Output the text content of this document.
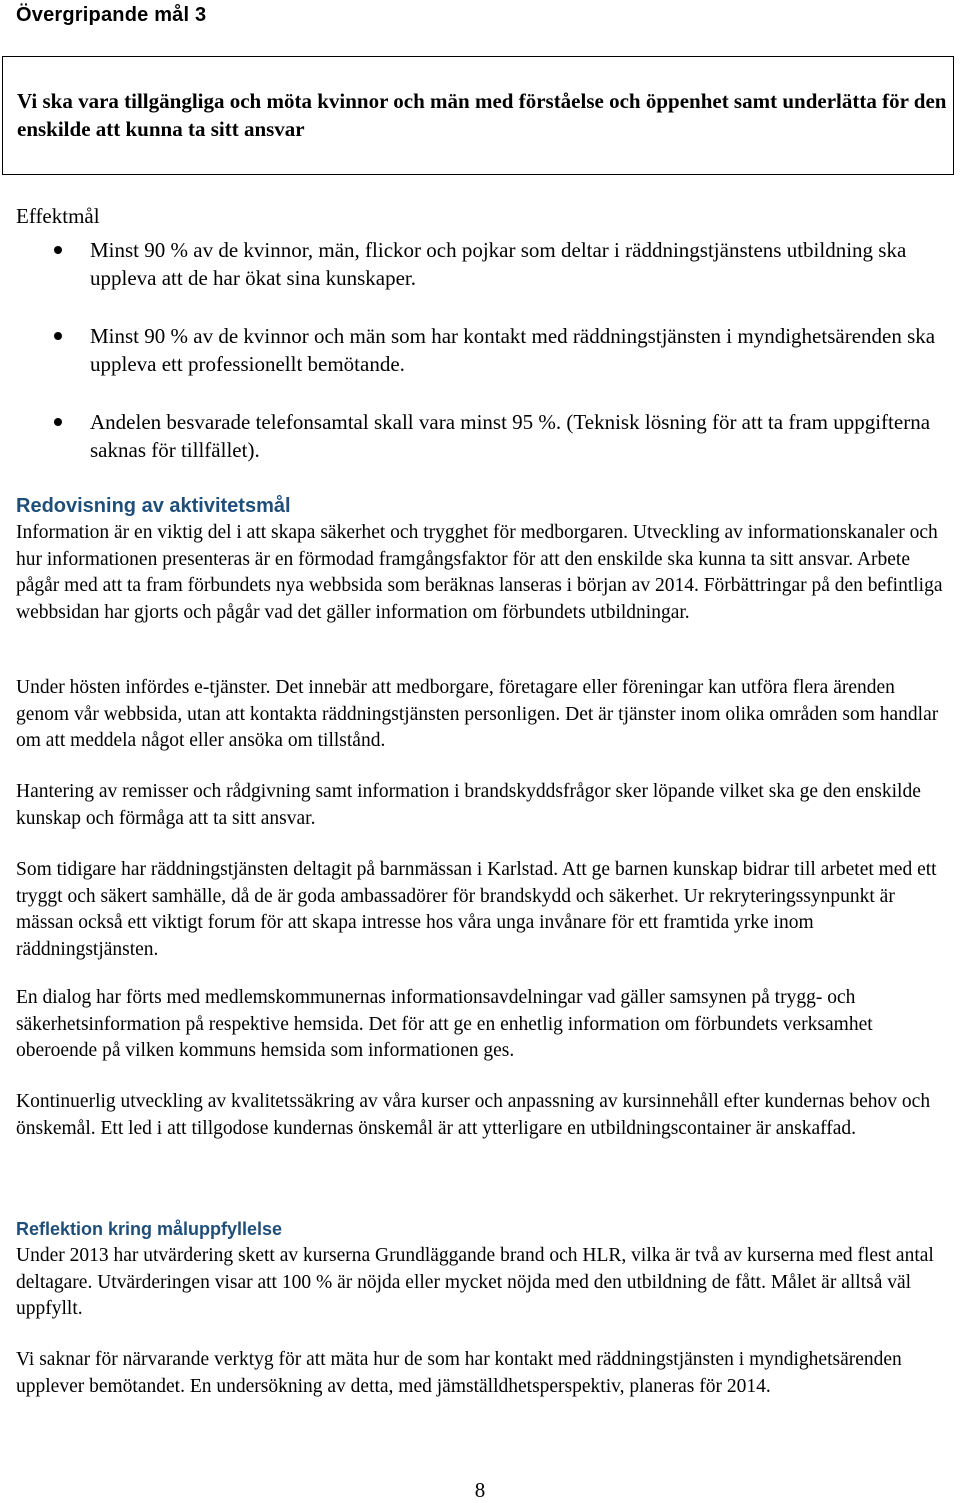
Övergripande mål 3
Vi ska vara tillgängliga och möta kvinnor och män med förståelse och öppenhet samt underlätta för den enskilde att kunna ta sitt ansvar
Effektmål
Minst 90 % av de kvinnor, män, flickor och pojkar som deltar i räddningstjänstens utbildning ska uppleva att de har ökat sina kunskaper.
Minst 90 % av de kvinnor och män som har kontakt med räddningstjänsten i myndighetsärenden ska uppleva ett professionellt bemötande.
Andelen besvarade telefonsamtal skall vara minst 95 %. (Teknisk lösning för att ta fram uppgifterna saknas för tillfället).
Redovisning av aktivitetsmål
Information är en viktig del i att skapa säkerhet och trygghet för medborgaren. Utveckling av informationskanaler och hur informationen presenteras är en förmodad framgångsfaktor för att den enskilde ska kunna ta sitt ansvar. Arbete pågår med att ta fram förbundets nya webbsida som beräknas lanseras i början av 2014. Förbättringar på den befintliga webbsidan har gjorts och pågår vad det gäller information om förbundets utbildningar.
Under hösten infördes e-tjänster. Det innebär att medborgare, företagare eller föreningar kan utföra flera ärenden genom vår webbsida, utan att kontakta räddningstjänsten personligen. Det är tjänster inom olika områden som handlar om att meddela något eller ansöka om tillstånd.
Hantering av remisser och rådgivning samt information i brandskyddsfrågor sker löpande vilket ska ge den enskilde kunskap och förmåga att ta sitt ansvar.
Som tidigare har räddningstjänsten deltagit på barnmässan i Karlstad. Att ge barnen kunskap bidrar till arbetet med ett tryggt och säkert samhälle, då de är goda ambassadörer för brandskydd och säkerhet. Ur rekryteringssynpunkt är mässan också ett viktigt forum för att skapa intresse hos våra unga invånare för ett framtida yrke inom räddningstjänsten.
En dialog har förts med medlemskommunernas informationsavdelningar vad gäller samsynen på trygg- och säkerhetsinformation på respektive hemsida. Det för att ge en enhetlig information om förbundets verksamhet oberoende på vilken kommuns hemsida som informationen ges.
Kontinuerlig utveckling av kvalitetssäkring av våra kurser och anpassning av kursinnehåll efter kundernas behov och önskemål. Ett led i att tillgodose kundernas önskemål är att ytterligare en utbildningscontainer är anskaffad.
Reflektion kring måluppfyllelse
Under 2013 har utvärdering skett av kurserna Grundläggande brand och HLR, vilka är två av kurserna med flest antal deltagare. Utvärderingen visar att 100 % är nöjda eller mycket nöjda med den utbildning de fått. Målet är alltså väl uppfyllt.
Vi saknar för närvarande verktyg för att mäta hur de som har kontakt med räddningstjänsten i myndighetsärenden upplever bemötandet. En undersökning av detta, med jämställdhetsperspektiv, planeras för 2014.
8
